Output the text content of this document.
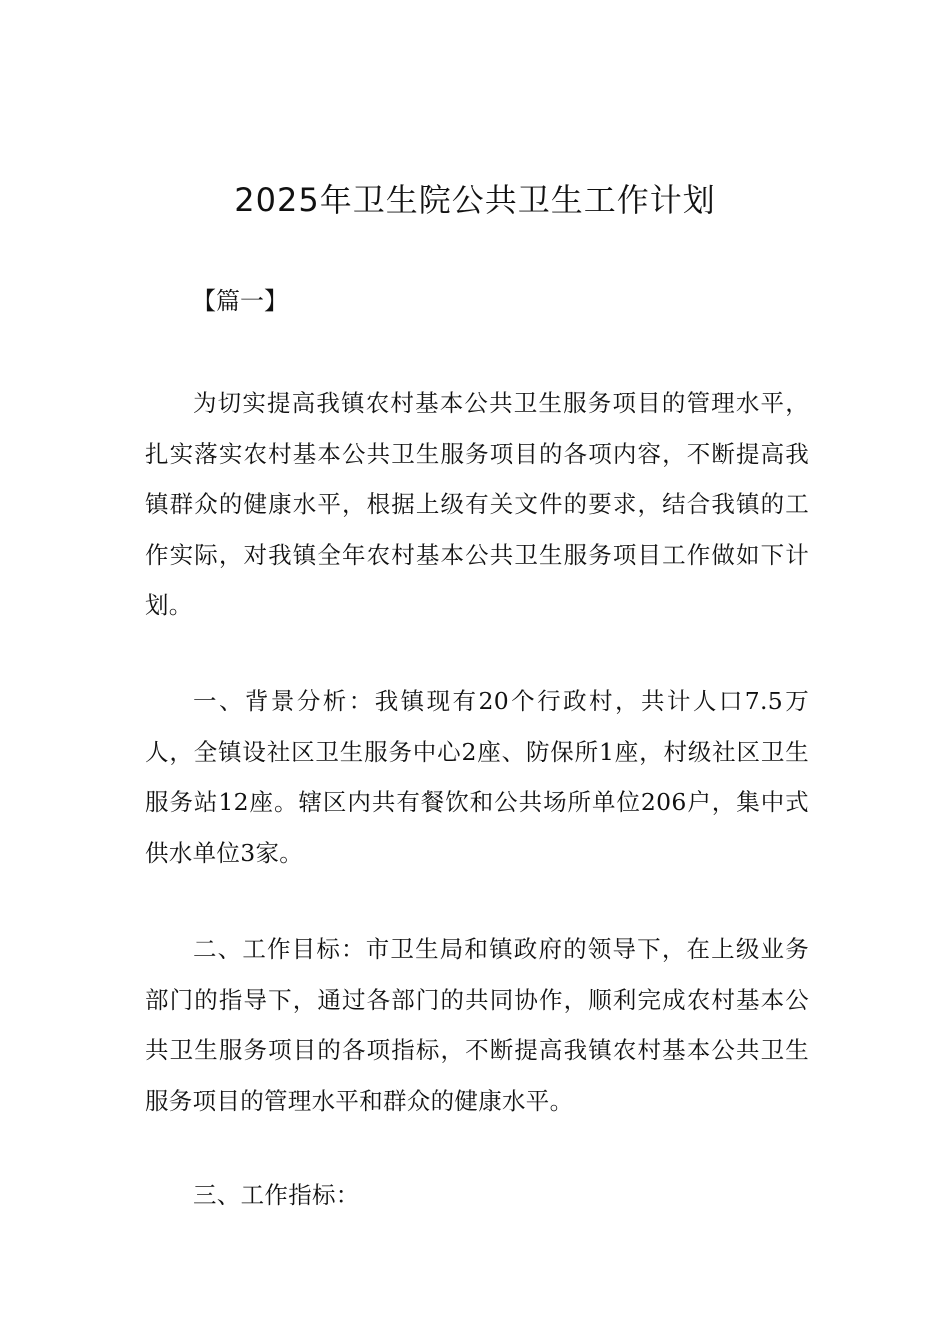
2025年卫生院公共卫生工作计划

【篇一】

为切实提高我镇农村基本公共卫生服务项目的管理水平，扎实落实农村基本公共卫生服务项目的各项内容，不断提高我镇群众的健康水平，根据上级有关文件的要求，结合我镇的工作实际，对我镇全年农村基本公共卫生服务项目工作做如下计划。

一、背景分析：我镇现有20个行政村，共计人口7.5万人，全镇设社区卫生服务中心2座、防保所1座，村级社区卫生服务站12座。辖区内共有餐饮和公共场所单位206户，集中式供水单位3家。

二、工作目标：市卫生局和镇政府的领导下，在上级业务部门的指导下，通过各部门的共同协作，顺利完成农村基本公共卫生服务项目的各项指标，不断提高我镇农村基本公共卫生服务项目的管理水平和群众的健康水平。

三、工作指标：
